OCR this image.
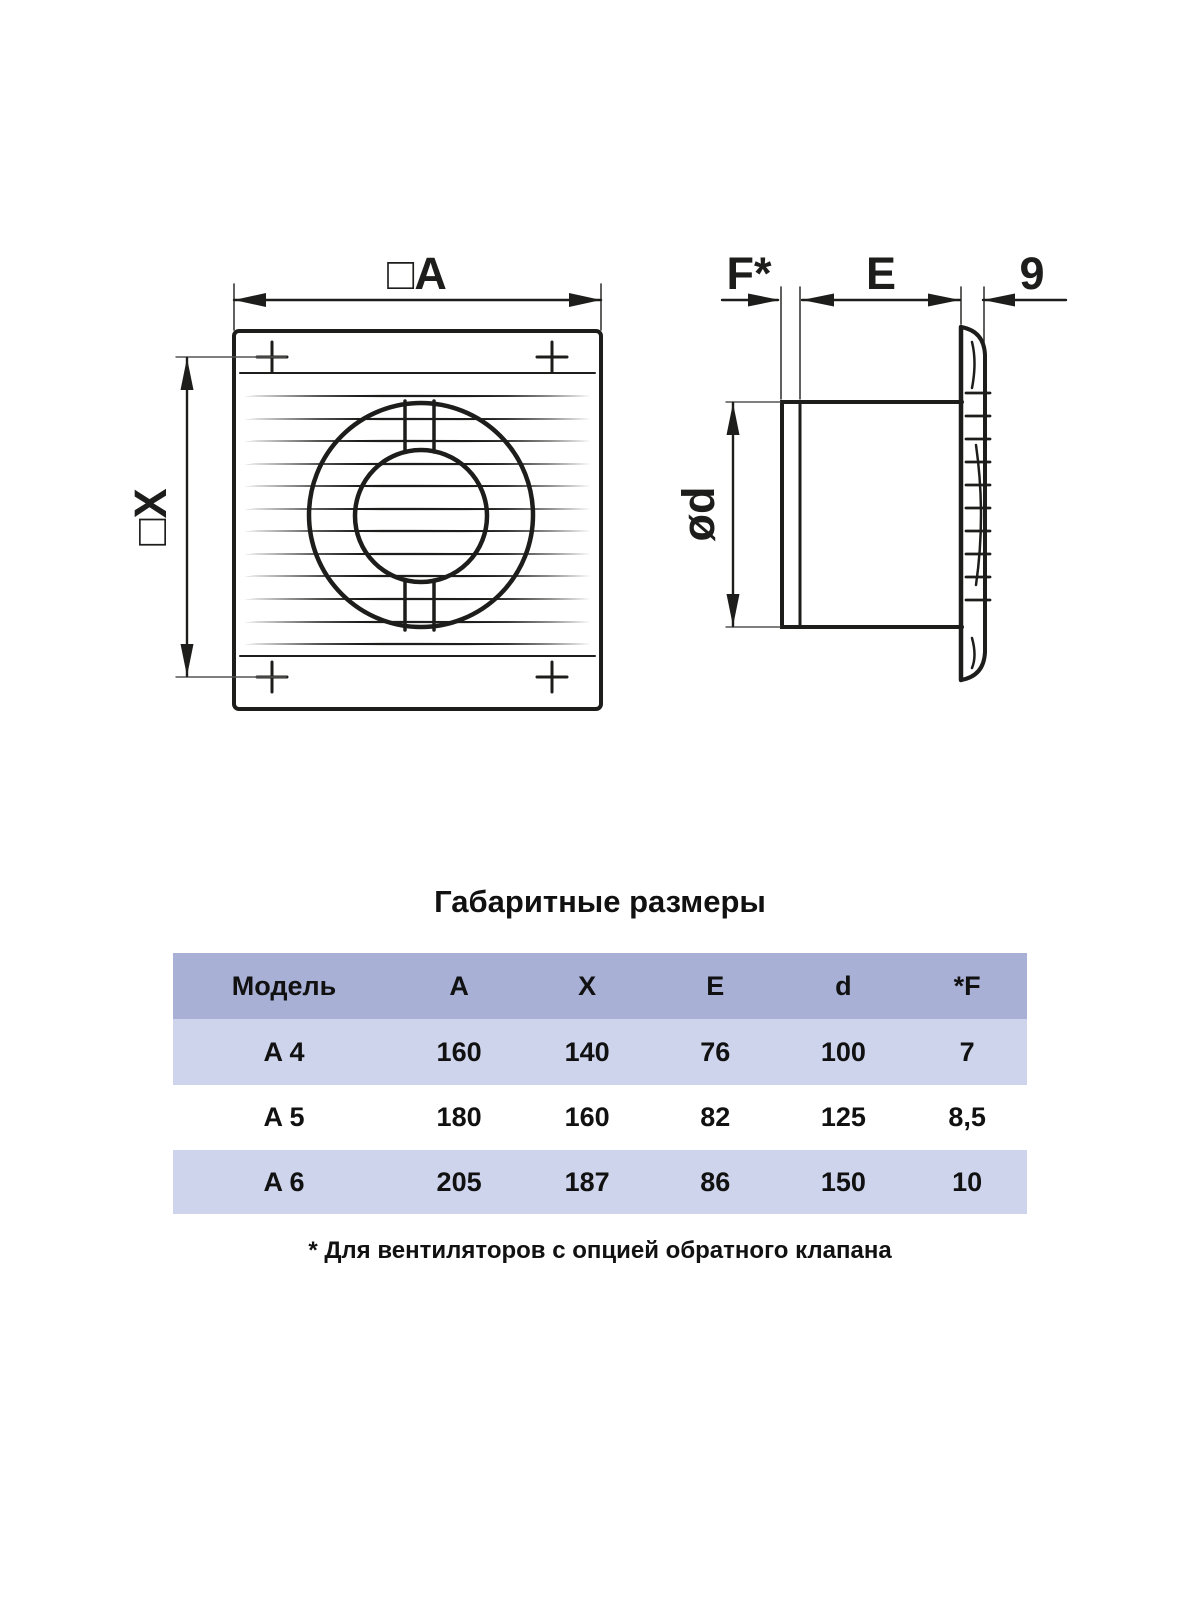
□A
□X	ød
F* E	9
Габаритные размеры
Модель	A	X	E	d	*F
A 4	160	140	76	100	7
A 5	180	160	82	125	8,5
A 6	205	187	86	150	10
* Для вентиляторов с опцией обратного клапана
